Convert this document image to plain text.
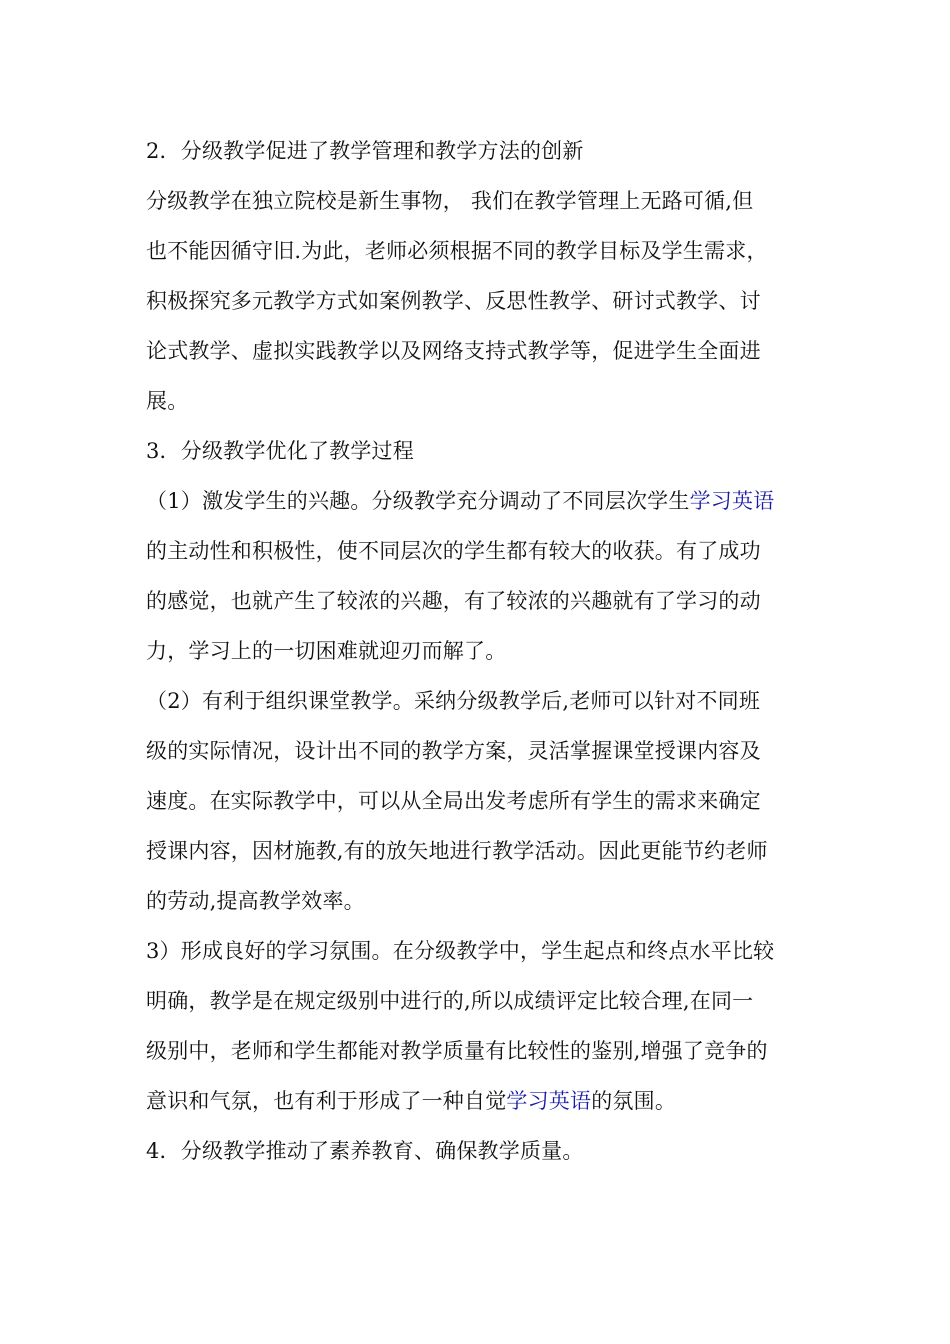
2．分级教学促进了教学管理和教学方法的创新
分级教学在独立院校是新生事物， 我们在教学管理上无路可循,但
也不能因循守旧.为此，老师必须根据不同的教学目标及学生需求，
积极探究多元教学方式如案例教学、反思性教学、研讨式教学、讨
论式教学、虚拟实践教学以及网络支持式教学等，促进学生全面进
展。
3．分级教学优化了教学过程
（1）激发学生的兴趣。分级教学充分调动了不同层次学生学习英语
的主动性和积极性，使不同层次的学生都有较大的收获。有了成功
的感觉，也就产生了较浓的兴趣，有了较浓的兴趣就有了学习的动
力，学习上的一切困难就迎刃而解了。
（2）有利于组织课堂教学。采纳分级教学后,老师可以针对不同班
级的实际情况，设计出不同的教学方案，灵活掌握课堂授课内容及
速度。在实际教学中，可以从全局出发考虑所有学生的需求来确定
授课内容，因材施教,有的放矢地进行教学活动。因此更能节约老师
的劳动,提高教学效率。
3）形成良好的学习氛围。在分级教学中，学生起点和终点水平比较
明确，教学是在规定级别中进行的,所以成绩评定比较合理,在同一
级别中，老师和学生都能对教学质量有比较性的鉴别,增强了竞争的
意识和气氛，也有利于形成了一种自觉学习英语的氛围。
4．分级教学推动了素养教育、确保教学质量。
